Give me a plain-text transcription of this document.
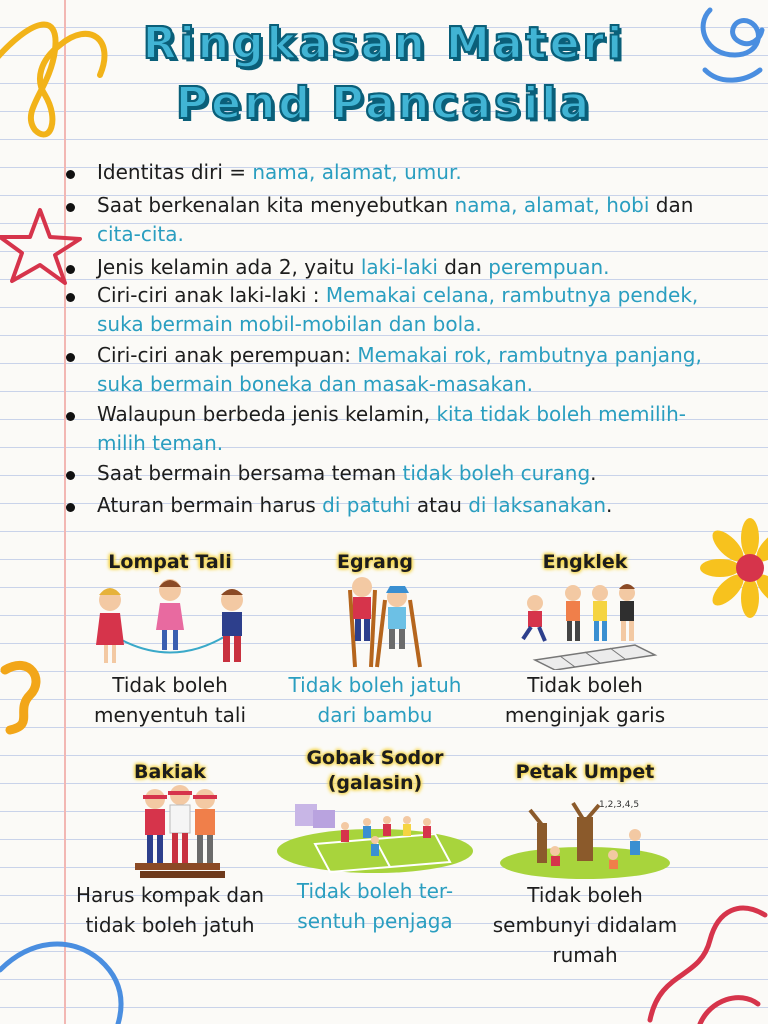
Ringkasan Materi
Pend Pancasila
Identitas diri = nama, alamat, umur.
Saat berkenalan kita menyebutkan nama, alamat, hobi dan cita-cita.
Jenis kelamin ada 2, yaitu laki-laki dan perempuan.
Ciri-ciri anak laki-laki : Memakai celana, rambutnya pendek, suka bermain mobil-mobilan dan bola.
Ciri-ciri anak perempuan: Memakai rok, rambutnya panjang, suka bermain boneka dan masak-masakan.
Walaupun berbeda jenis kelamin, kita tidak boleh memilih-milih teman.
Saat bermain bersama teman tidak boleh curang.
Aturan bermain harus di patuhi atau di laksanakan.
Lompat Tali
Tidak boleh menyentuh tali
Egrang
Tidak boleh jatuh dari bambu
Engklek
Tidak boleh menginjak garis
Bakiak
Harus kompak dan tidak boleh jatuh
Gobak Sodor (galasin)
Tidak boleh ter-sentuh penjaga
Petak Umpet
1,2,3,4,5
Tidak boleh sembunyi didalam rumah
